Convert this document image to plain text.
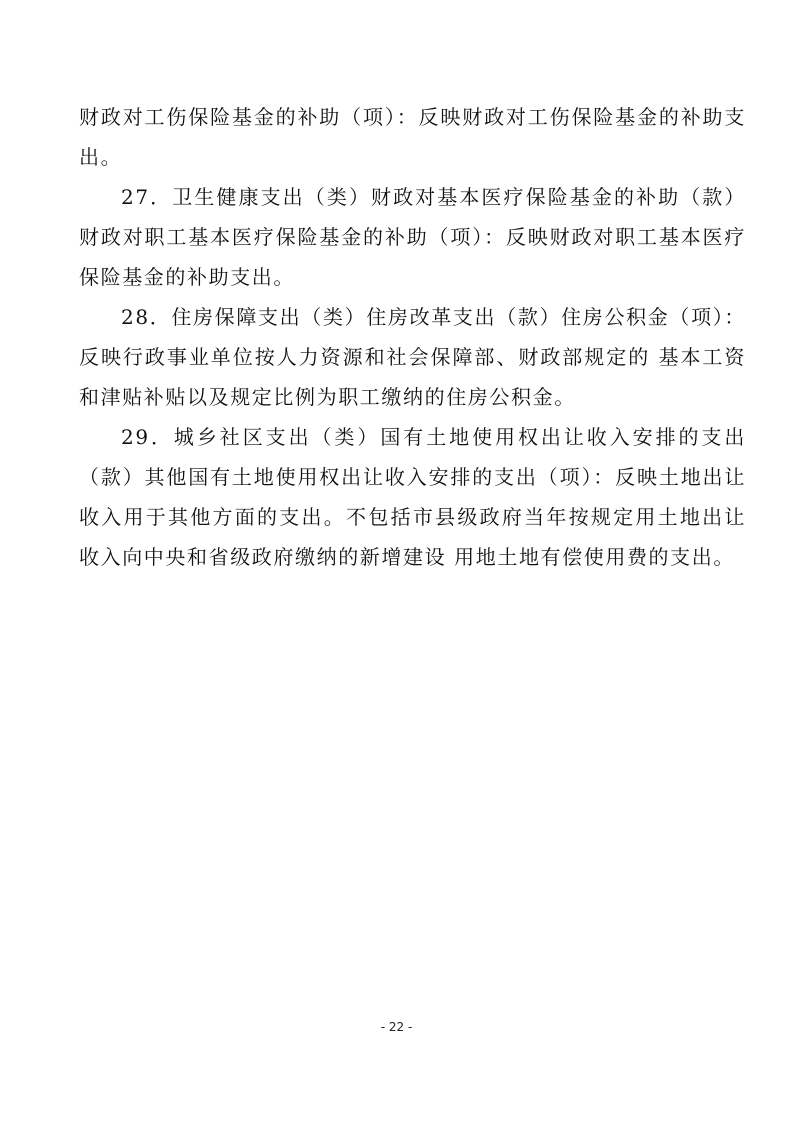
财政对工伤保险基金的补助（项）：反映财政对工伤保险基金的补助支出。

27．卫生健康支出（类）财政对基本医疗保险基金的补助（款）财政对职工基本医疗保险基金的补助（项）：反映财政对职工基本医疗保险基金的补助支出。

28．住房保障支出（类）住房改革支出（款）住房公积金（项）：反映行政事业单位按人力资源和社会保障部、财政部规定的 基本工资和津贴补贴以及规定比例为职工缴纳的住房公积金。

29．城乡社区支出（类）国有土地使用权出让收入安排的支出（款）其他国有土地使用权出让收入安排的支出（项）：反映土地出让收入用于其他方面的支出。不包括市县级政府当年按规定用土地出让收入向中央和省级政府缴纳的新增建设 用地土地有偿使用费的支出。

- 22 -
